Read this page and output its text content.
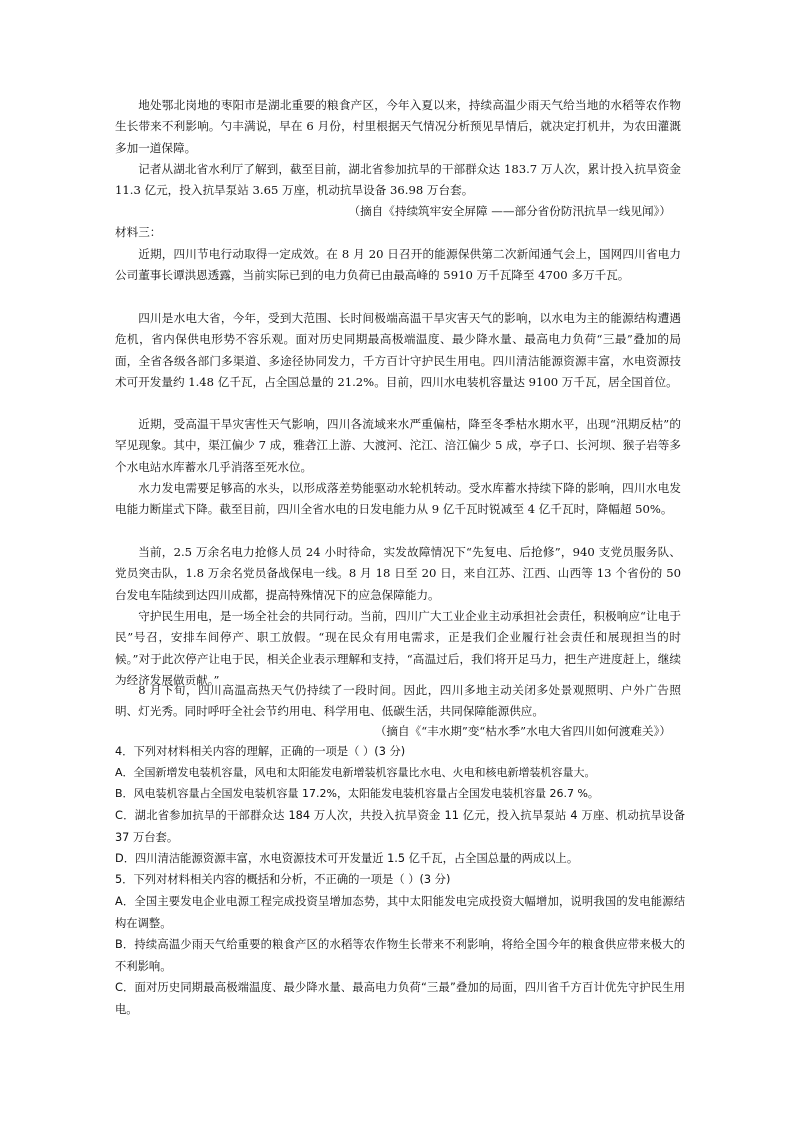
地处鄂北岗地的枣阳市是湖北重要的粮食产区，今年入夏以来，持续高温少雨天气给当地的水稻等农作物生长带来不利影响。勺丰满说，早在 6 月份，村里根据天气情况分析预见旱情后，就决定打机井，为农田灌溉多加一道保障。

记者从湖北省水利厅了解到，截至目前，湖北省参加抗旱的干部群众达 183.7 万人次，累计投入抗旱资金 11.3 亿元，投入抗旱泵站 3.65 万座，机动抗旱设备 36.98 万台套。

（摘自《持续筑牢安全屏障 ——部分省份防汛抗旱一线见闻》）

材料三：

近期，四川节电行动取得一定成效。在 8 月 20 日召开的能源保供第二次新闻通气会上，国网四川省电力公司董事长谭洪恩透露，当前实际已到的电力负荷已由最高峰的 5910 万千瓦降至 4700 多万千瓦。

四川是水电大省，今年，受到大范围、长时间极端高温干旱灾害天气的影响，以水电为主的能源结构遭遇危机，省内保供电形势不容乐观。面对历史同期最高极端温度、最少降水量、最高电力负荷“三最”叠加的局面，全省各级各部门多渠道、多途径协同发力，千方百计守护民生用电。四川清洁能源资源丰富，水电资源技术可开发量约 1.48 亿千瓦，占全国总量的 21.2%。目前，四川水电装机容量达 9100 万千瓦，居全国首位。

近期，受高温干旱灾害性天气影响，四川各流域来水严重偏枯，降至冬季枯水期水平，出现“汛期反枯”的罕见现象。其中，渠江偏少 7 成，雅砻江上游、大渡河、沱江、涪江偏少 5 成，亭子口、长河坝、猴子岩等多个水电站水库蓄水几乎消落至死水位。

水力发电需要足够高的水头，以形成落差势能驱动水轮机转动。受水库蓄水持续下降的影响，四川水电发电能力断崖式下降。截至目前，四川全省水电的日发电能力从 9 亿千瓦时锐减至 4 亿千瓦时，降幅超 50%。

当前，2.5 万余名电力抢修人员 24 小时待命，实发故障情况下“先复电、后抢修”，940 支党员服务队、党员突击队，1.8 万余名党员备战保电一线。8 月 18 日至 20 日，来自江苏、江西、山西等 13 个省份的 50 台发电车陆续到达四川成都，提高特殊情况下的应急保障能力。

守护民生用电，是一场全社会的共同行动。当前，四川广大工业企业主动承担社会责任，积极响应“让电于民”号召，安排车间停产、职工放假。“现在民众有用电需求，正是我们企业履行社会责任和展现担当的时候。”对于此次停产让电于民，相关企业表示理解和支持，“高温过后，我们将开足马力，把生产进度赶上，继续为经济发展做贡献。”

8 月下旬，四川高温高热天气仍持续了一段时间。因此，四川多地主动关闭多处景观照明、户外广告照明、灯光秀。同时呼吁全社会节约用电、科学用电、低碳生活，共同保障能源供应。

（摘自《“丰水期”变“枯水季”水电大省四川如何渡难关》）

4．下列对材料相关内容的理解，正确的一项是（ ）(3 分)

A．全国新增发电装机容量，风电和太阳能发电新增装机容量比水电、火电和核电新增装机容量大。

B．风电装机容量占全国发电装机容量 17.2%，太阳能发电装机容量占全国发电装机容量 26.7 %。

C．湖北省参加抗旱的干部群众达 184 万人次，共投入抗旱资金 11 亿元，投入抗旱泵站 4 万座、机动抗旱设备 37 万台套。

D．四川清洁能源资源丰富，水电资源技术可开发量近 1.5 亿千瓦，占全国总量的两成以上。

5．下列对材料相关内容的概括和分析，不正确的一项是（ ）(3 分)

A．全国主要发电企业电源工程完成投资呈增加态势，其中太阳能发电完成投资大幅增加，说明我国的发电能源结构在调整。

B．持续高温少雨天气给重要的粮食产区的水稻等农作物生长带来不利影响，将给全国今年的粮食供应带来极大的不利影响。

C．面对历史同期最高极端温度、最少降水量、最高电力负荷“三最”叠加的局面，四川省千方百计优先守护民生用电。
